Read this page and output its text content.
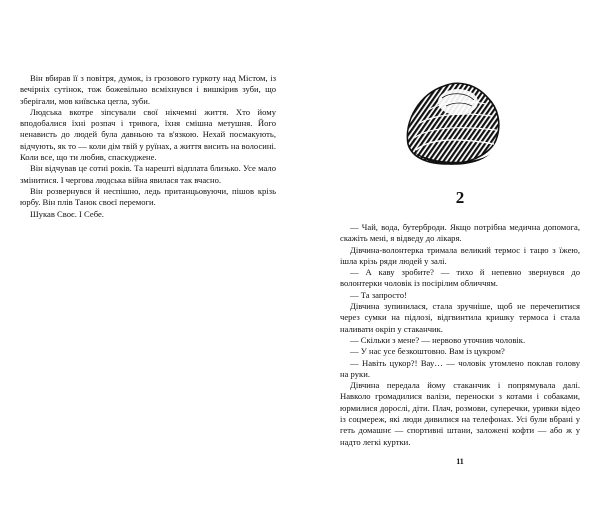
Він вбирав її з повітря, думок, із грозового гуркоту над Містом, із вечірніх сутінок, тож божевільно всміхнувся і вишкірив зуби, що зберігали, мов київська цегла, зуби.

Людська вкотре зіпсували свої нікчемні життя. Хто йому вподобалися їхні розпач і тривога, їхня смішна метушня. Його ненависть до людей була давньою та в'язкою. Нехай посмакують, відчують, як то — коли дім твій у руїнах, а життя висить на волосині. Коли все, що ти любив, спаскуджене.

Він відчував це сотні років. Та нарешті відплата близько. Усе мало змінитися. І чергова людська війна явилася так вчасно.

Він розвернувся й неспішно, ледь пританцьовуючи, пішов крізь юрбу. Він плів Танок своєї перемоги.

Шукав Своє. І Себе.

2

— Чай, вода, бутерброди. Якщо потрібна медична допомога, скажіть мені, я відведу до лікаря.

Дівчина-волонтерка тримала великий термос і тацю з їжею, ішла крізь ряди людей у залі.

— А каву зробите? — тихо й непевно звернувся до волонтерки чоловік із посірілим обличчям.

— Та запросто!

Дівчина зупинилася, стала зручніше, щоб не перечепитися через сумки на підлозі, відгвинтила кришку термоса і стала наливати окріп у стаканчик.

— Скільки з мене? — нервово уточнив чоловік.

— У нас усе безкоштовно. Вам із цукром?

— Навіть цукор?! Вау… — чоловік утомлено поклав голову на руки.

Дівчина передала йому стаканчик і попрямувала далі. Навколо громадилися валізи, переноски з котами і собаками, юрмилися дорослі, діти. Плач, розмови, суперечки, уривки відео із соцмереж, які люди дивилися на телефонах. Усі були вбрані у геть домашнє — спортивні штани, заложені кофти — або ж у надто легкі куртки.

11
